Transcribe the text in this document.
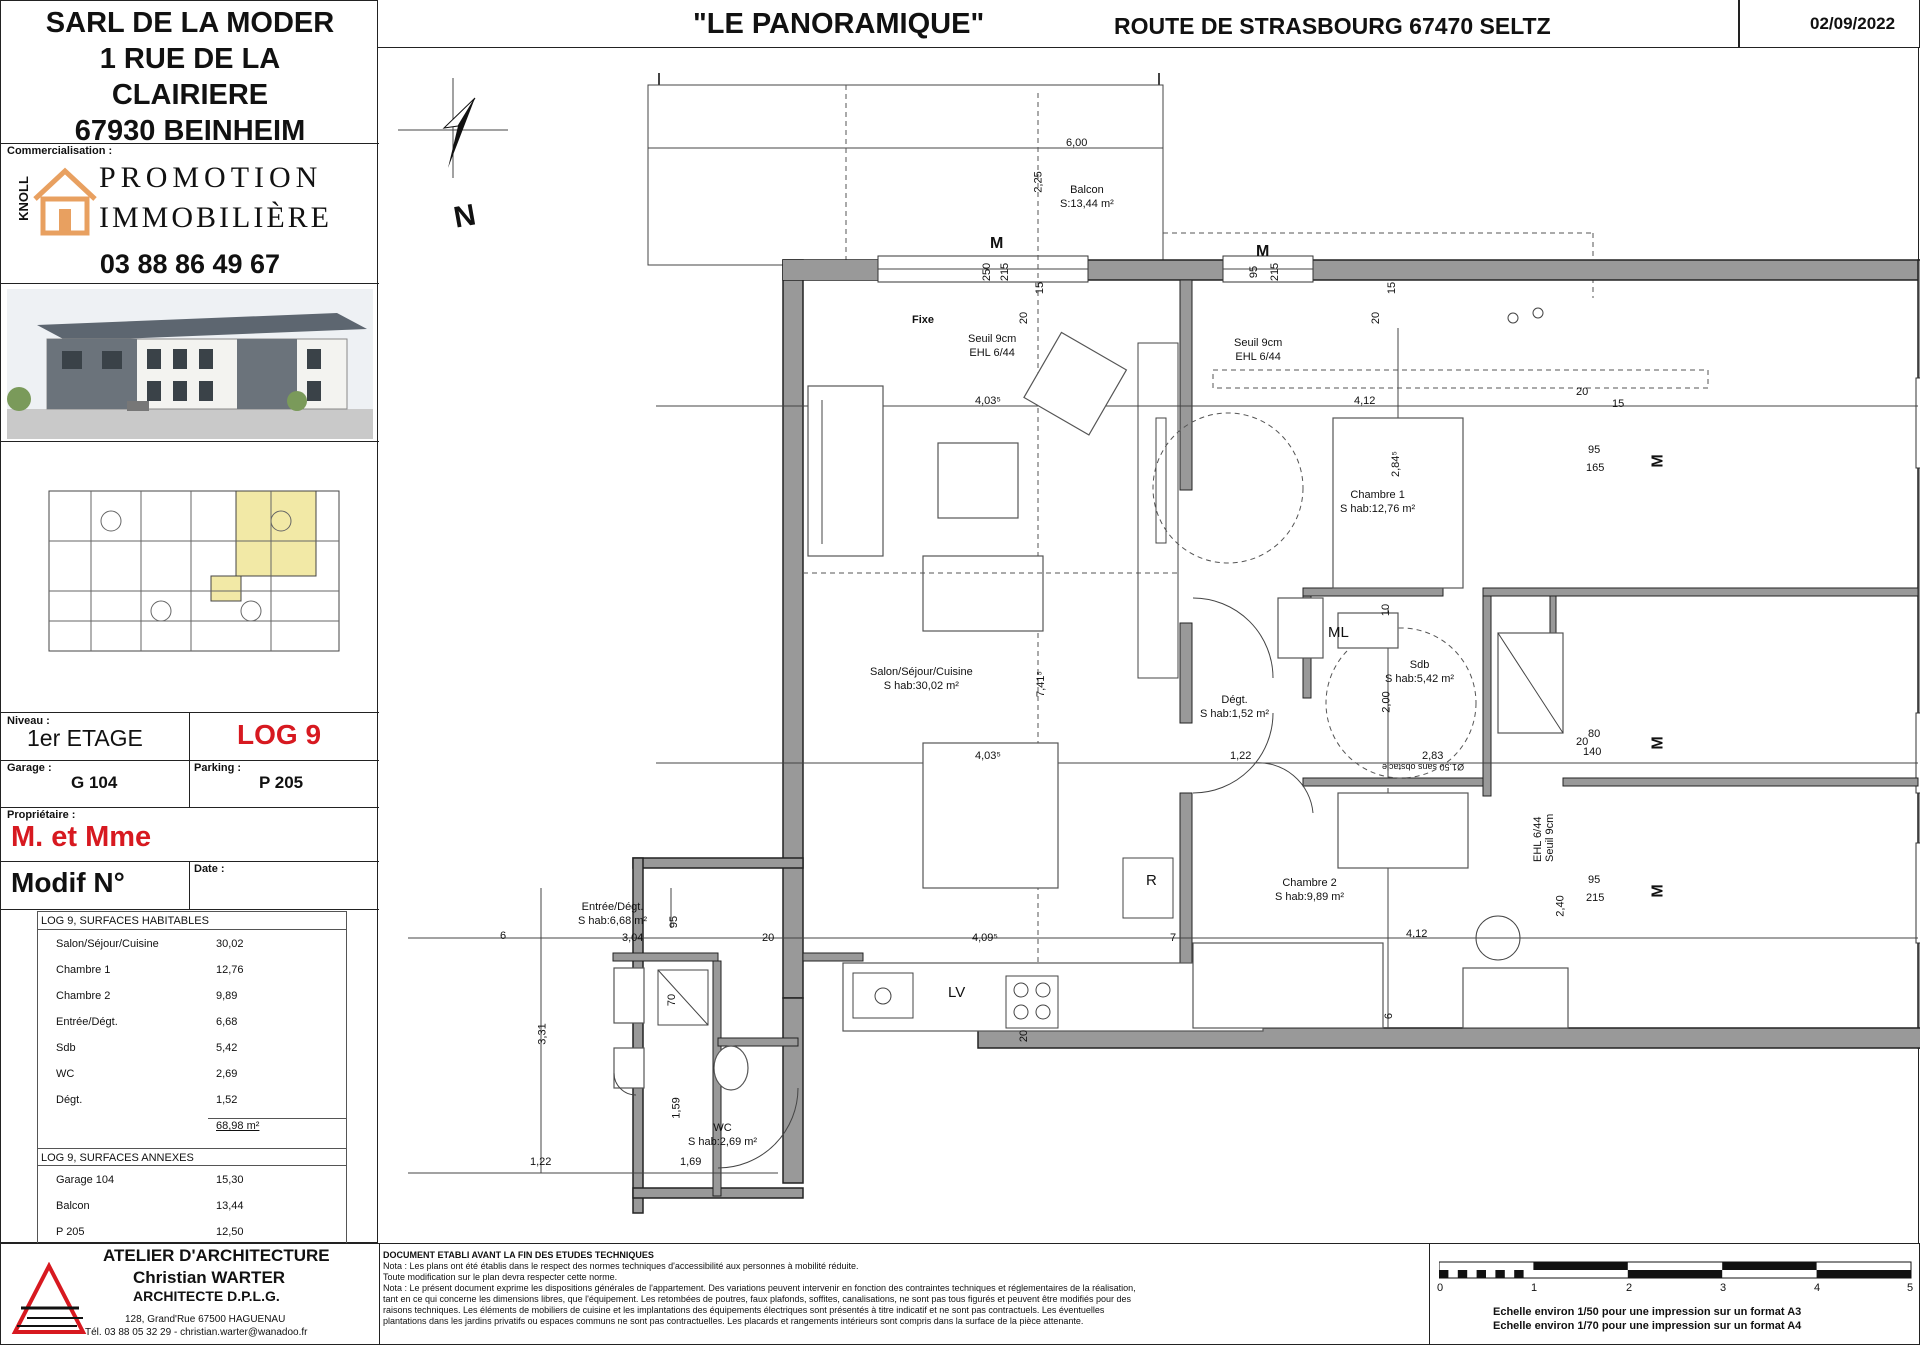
SARL DE LA MODER
1 RUE DE LA
CLAIRIERE
67930 BEINHEIM
Commercialisation :
KNOLL PROMOTION
IMMOBILIÈRE
03 88 86 49 67
Niveau :
1er ETAGE	LOG 9
Garage :
G 104
Parking :
P 205
Propriétaire :
M. et Mme
Modif N°	Date :
LOG 9, SURFACES HABITABLES
Salon/Séjour/Cuisine	30,02
Chambre 1	12,76
Chambre 2	9,89
Entrée/Dégt.	6,68
Sdb	5,42
WC	2,69
Dégt.	1,52
68,98 m²
LOG 9, SURFACES ANNEXES
Garage 104	15,30
Balcon	13,44
P 205	12,50
"LE PANORAMIQUE"	ROUTE DE STRASBOURG 67470 SELTZ	02/09/2022
N
Balcon
S:13,44 m²
Chambre 1
S hab:12,76 m²
Salon/Séjour/Cuisine
S hab:30,02 m²
Dégt.
S hab:1,52 m²
Sdb
S hab:5,42 m²
Chambre 2
S hab:9,89 m²
Entrée/Dégt.
S hab:6,68 m²
WC
S hab:2,69 m²
Fixe
Seuil 9cm
EHL 6/44
Seuil 9cm
EHL 6/44
ML
LV
R
EHL 6/44 Seuil 9cm
Ø1.50 sans obstacle
M	M
M
M
M
6,00
2,25
250 215
15
20
95 215
15
20
4,03⁵	4,12
2,84⁵
95
165
15
20
7,41⁵
2,00
4,03⁵	1,22	2,83
80
140
20
95
215
4,12
2,40
6	3,04	20	4,09⁵	7
95
3,31
70
1,59
1,69
1,22
6
20
10
ATELIER D'ARCHITECTURE
Christian WARTER
ARCHITECTE D.P.L.G.
128, Grand'Rue 67500 HAGUENAU
Tél. 03 88 05 32 29 - christian.warter@wanadoo.fr
DOCUMENT ETABLI AVANT LA FIN DES ETUDES TECHNIQUES
Nota : Les plans ont été établis dans le respect des normes techniques d'accessibilité aux personnes à mobilité réduite.
Toute modification sur le plan devra respecter cette norme.
Nota : Le présent document exprime les dispositions générales de l'appartement. Des variations peuvent intervenir en fonction des contraintes techniques et réglementaires de la réalisation,
tant en ce qui concerne les dimensions libres, que l'équipement. Les retombées de poutres, faux plafonds, soffites, canalisations, ne sont pas tous figurés et peuvent être modifiés pour des
raisons techniques. Les éléments de mobiliers de cuisine et les implantations des équipements électriques sont présentés à titre indicatif et ne sont pas contractuels. Les éventuelles
plantations dans les jardins privatifs ou espaces communs ne sont pas contractuelles. Les placards et rangements intérieurs sont compris dans la surface de la pièce attenante.
0	1	2	3	4	5
Echelle environ 1/50 pour une impression sur un format A3
Echelle environ 1/70 pour une impression sur un format A4
